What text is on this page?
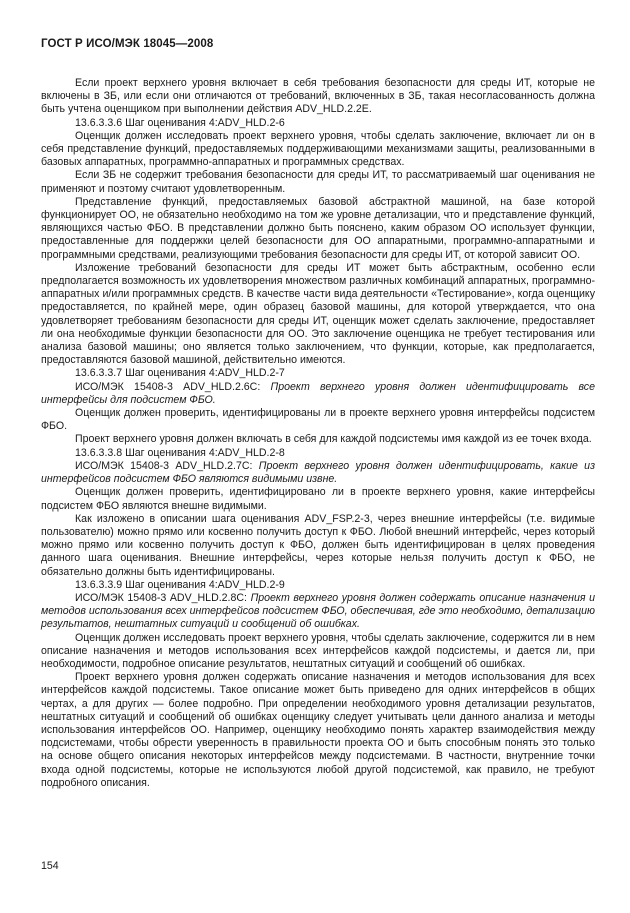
ГОСТ Р ИСО/МЭК 18045—2008

Если проект верхнего уровня включает в себя требования безопасности для среды ИТ, которые не включены в ЗБ, или если они отличаются от требований, включенных в ЗБ, такая несогласованность должна быть учтена оценщиком при выполнении действия ADV_HLD.2.2E.

13.6.3.3.6 Шаг оценивания 4:ADV_HLD.2-6

Оценщик должен исследовать проект верхнего уровня, чтобы сделать заключение, включает ли он в себя представление функций, предоставляемых поддерживающими механизмами защиты, реализованными в базовых аппаратных, программно-аппаратных и программных средствах.

Если ЗБ не содержит требования безопасности для среды ИТ, то рассматриваемый шаг оценивания не применяют и поэтому считают удовлетворенным.

Представление функций, предоставляемых базовой абстрактной машиной, на базе которой функционирует ОО, не обязательно необходимо на том же уровне детализации, что и представление функций, являющихся частью ФБО. В представлении должно быть пояснено, каким образом ОО использует функции, предоставленные для поддержки целей безопасности для ОО аппаратными, программно-аппаратными и программными средствами, реализующими требования безопасности для среды ИТ, от которой зависит ОО.

Изложение требований безопасности для среды ИТ может быть абстрактным, особенно если предполагается возможность их удовлетворения множеством различных комбинаций аппаратных, программно-аппаратных и/или программных средств. В качестве части вида деятельности «Тестирование», когда оценщику предоставляется, по крайней мере, один образец базовой машины, для которой утверждается, что она удовлетворяет требованиям безопасности для среды ИТ, оценщик может сделать заключение, предоставляет ли она необходимые функции безопасности для ОО. Это заключение оценщика не требует тестирования или анализа базовой машины; оно является только заключением, что функции, которые, как предполагается, предоставляются базовой машиной, действительно имеются.

13.6.3.3.7 Шаг оценивания 4:ADV_HLD.2-7

ИСО/МЭК 15408-3 ADV_HLD.2.6C: Проект верхнего уровня должен идентифицировать все интерфейсы для подсистем ФБО.

Оценщик должен проверить, идентифицированы ли в проекте верхнего уровня интерфейсы подсистем ФБО.

Проект верхнего уровня должен включать в себя для каждой подсистемы имя каждой из ее точек входа.

13.6.3.3.8 Шаг оценивания 4:ADV_HLD.2-8

ИСО/МЭК 15408-3 ADV_HLD.2.7C: Проект верхнего уровня должен идентифицировать, какие из интерфейсов подсистем ФБО являются видимыми извне.

Оценщик должен проверить, идентифицировано ли в проекте верхнего уровня, какие интерфейсы подсистем ФБО являются внешне видимыми.

Как изложено в описании шага оценивания ADV_FSP.2-3, через внешние интерфейсы (т.е. видимые пользователю) можно прямо или косвенно получить доступ к ФБО. Любой внешний интерфейс, через который можно прямо или косвенно получить доступ к ФБО, должен быть идентифицирован в целях проведения данного шага оценивания. Внешние интерфейсы, через которые нельзя получить доступ к ФБО, не обязательно должны быть идентифицированы.

13.6.3.3.9 Шаг оценивания 4:ADV_HLD.2-9

ИСО/МЭК 15408-3 ADV_HLD.2.8C: Проект верхнего уровня должен содержать описание назначения и методов использования всех интерфейсов подсистем ФБО, обеспечивая, где это необходимо, детализацию результатов, нештатных ситуаций и сообщений об ошибках.

Оценщик должен исследовать проект верхнего уровня, чтобы сделать заключение, содержится ли в нем описание назначения и методов использования всех интерфейсов каждой подсистемы, и дается ли, при необходимости, подробное описание результатов, нештатных ситуаций и сообщений об ошибках.

Проект верхнего уровня должен содержать описание назначения и методов использования для всех интерфейсов каждой подсистемы. Такое описание может быть приведено для одних интерфейсов в общих чертах, а для других — более подробно. При определении необходимого уровня детализации результатов, нештатных ситуаций и сообщений об ошибках оценщику следует учитывать цели данного анализа и методы использования интерфейсов ОО. Например, оценщику необходимо понять характер взаимодействия между подсистемами, чтобы обрести уверенность в правильности проекта ОО и быть способным понять это только на основе общего описания некоторых интерфейсов между подсистемами. В частности, внутренние точки входа одной подсистемы, которые не используются любой другой подсистемой, как правило, не требуют подробного описания.

154
